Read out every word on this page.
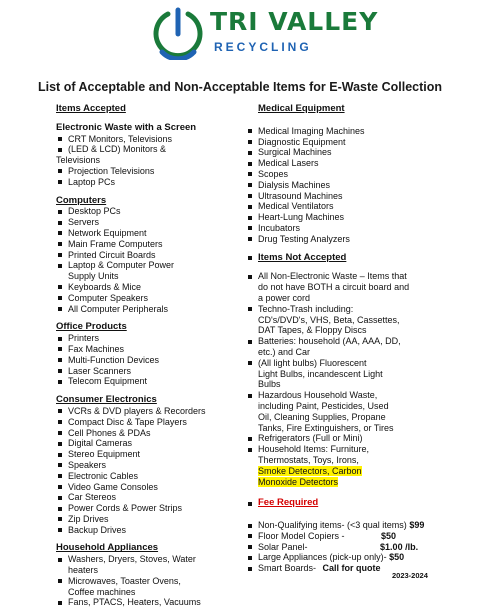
TRI VALLEY
RECYCLING
List of Acceptable and Non-Acceptable Items for E-Waste Collection
Items Accepted
Electronic Waste with a Screen
CRT Monitors, Televisions
(LED & LCD) Monitors &
Televisions
Projection Televisions
Laptop PCs
Computers
Desktop PCs
Servers
Network Equipment
Main Frame Computers
Printed Circuit Boards
Laptop & Computer Power
Supply Units
Keyboards & Mice
Computer Speakers
All Computer Peripherals
Office Products
Printers
Fax Machines
Multi-Function Devices
Laser Scanners
Telecom Equipment
Consumer Electronics
VCRs & DVD players & Recorders
Compact Disc & Tape Players
Cell Phones & PDAs
Digital Cameras
Stereo Equipment
Speakers
Electronic Cables
Video Game Consoles
Car Stereos
Power Cords & Power Strips
Zip Drives
Backup Drives
Household Appliances
Washers, Dryers, Stoves, Water
heaters
Microwaves, Toaster Ovens,
Coffee machines
Fans, PTACS, Heaters, Vacuums
Medical Equipment
Medical Imaging Machines
Diagnostic Equipment
Surgical Machines
Medical Lasers
Scopes
Dialysis Machines
Ultrasound Machines
Medical Ventilators
Heart-Lung Machines
Incubators
Drug Testing Analyzers
Items Not Accepted
All Non-Electronic Waste – Items that
do not have BOTH a circuit board and
a power cord
Techno-Trash including:
CD's/DVD's, VHS, Beta, Cassettes,
DAT Tapes, & Floppy Discs
Batteries: household (AA, AAA, DD,
etc.) and Car
(All light bulbs) Fluorescent
Light Bulbs, incandescent Light
Bulbs
Hazardous Household Waste,
including Paint, Pesticides, Used
Oil, Cleaning Supplies, Propane
Tanks, Fire Extinguishers, or Tires
Refrigerators (Full or Mini)
Household Items: Furniture,
Thermostats, Toys, Irons,
Smoke Detectors, Carbon
Monoxide Detectors
Fee Required
Non-Qualifying items- (<3 qual items) $99
Floor Model Copiers -	$50
Solar Panel-	$1.00 /lb.
Large Appliances (pick-up only)- $50
Smart Boards- Call for quote
2023-2024
